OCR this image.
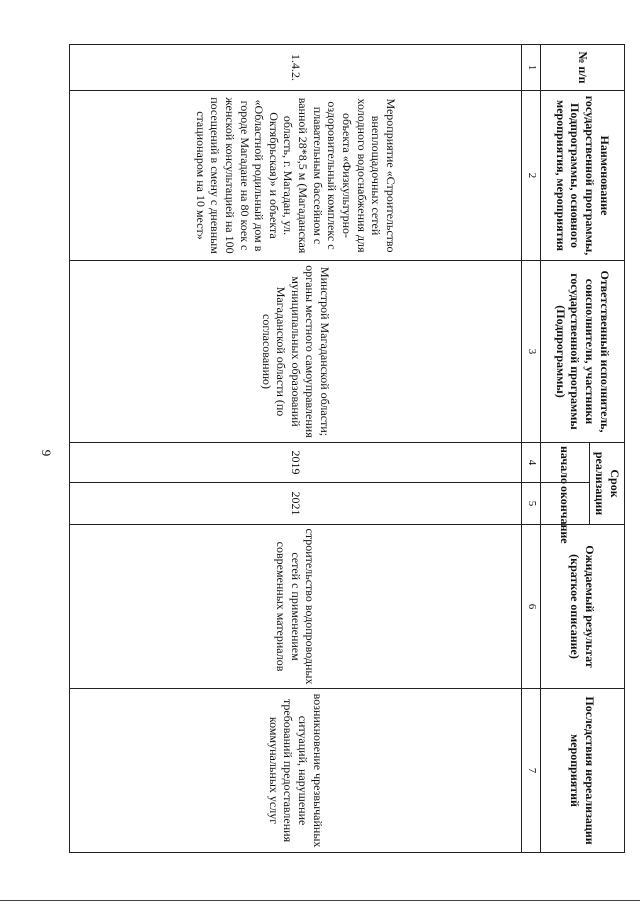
9
№ п/п	Наименование государственной программы, Подпрограммы, основного мероприятия, мероприятия	Ответственный исполнитель, соисполнители, участники государственной программы (Подпрограммы)	Срок реализации		Ожидаемый результат (краткое описание)	Последствия нереализации мероприятий
			начало	окончание		
1	2	3	4	5	6	7
1.4.2.	Мероприятие «Строительство внеплощадочных сетей холодного водоснабжения для объекта «Физкультурно-оздоровительный комплекс с плавательным бассейном с ванной 28*8,5 м (Магаданская область, г. Магадан, ул. Октябрьская)» и объекта «Областной родильный дом в городе Магадане на 80 коек с женской консультацией на 100 посещений в смену с дневным стационаром на 10 мест»	Минстрой Магаданской области; органы местного самоуправления муниципальных образований Магаданской области (по согласованию)	2019	2021	строительство водопроводных сетей с применением современных материалов	возникновение чрезвычайных ситуаций, нарушение требований предоставления коммунальных услуг
